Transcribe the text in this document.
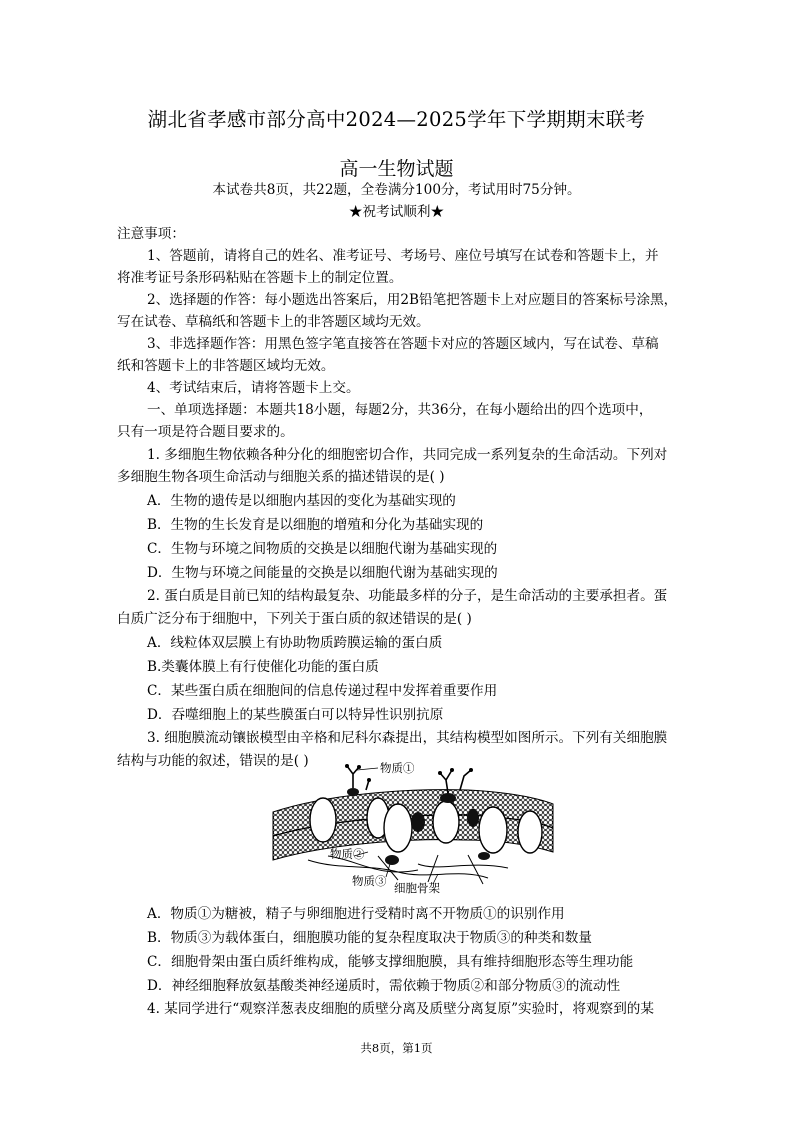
湖北省孝感市部分高中2024—2025学年下学期期末联考
高一生物试题
本试卷共8页，共22题，全卷满分100分，考试用时75分钟。
★祝考试顺利★
注意事项：
1、答题前，请将自己的姓名、准考证号、考场号、座位号填写在试卷和答题卡上，并
将准考证号条形码粘贴在答题卡上的制定位置。
2、选择题的作答：每小题选出答案后，用2B铅笔把答题卡上对应题目的答案标号涂黑，
写在试卷、草稿纸和答题卡上的非答题区域均无效。
3、非选择题作答：用黑色签字笔直接答在答题卡对应的答题区域内，写在试卷、草稿
纸和答题卡上的非答题区域均无效。
4、考试结束后，请将答题卡上交。
一、单项选择题：本题共18小题，每题2分，共36分，在每小题给出的四个选项中，
只有一项是符合题目要求的。
1. 多细胞生物依赖各种分化的细胞密切合作，共同完成一系列复杂的生命活动。下列对
多细胞生物各项生命活动与细胞关系的描述错误的是( )
A．生物的遗传是以细胞内基因的变化为基础实现的
B．生物的生长发育是以细胞的增殖和分化为基础实现的
C．生物与环境之间物质的交换是以细胞代谢为基础实现的
D．生物与环境之间能量的交换是以细胞代谢为基础实现的
2. 蛋白质是目前已知的结构最复杂、功能最多样的分子，是生命活动的主要承担者。蛋
白质广泛分布于细胞中，下列关于蛋白质的叙述错误的是( )
A．线粒体双层膜上有协助物质跨膜运输的蛋白质
B.类囊体膜上有行使催化功能的蛋白质
C．某些蛋白质在细胞间的信息传递过程中发挥着重要作用
D．吞噬细胞上的某些膜蛋白可以特异性识别抗原
3. 细胞膜流动镶嵌模型由辛格和尼科尔森提出，其结构模型如图所示。下列有关细胞膜
结构与功能的叙述，错误的是( )	物质①
物质②
物质③ 细胞骨架
A．物质①为糖被，精子与卵细胞进行受精时离不开物质①的识别作用
B．物质③为载体蛋白，细胞膜功能的复杂程度取决于物质③的种类和数量
C．细胞骨架由蛋白质纤维构成，能够支撑细胞膜，具有维持细胞形态等生理功能
D．神经细胞释放氨基酸类神经递质时，需依赖于物质②和部分物质③的流动性
4. 某同学进行“观察洋葱表皮细胞的质壁分离及质壁分离复原”实验时，将观察到的某
共8页，第1页
